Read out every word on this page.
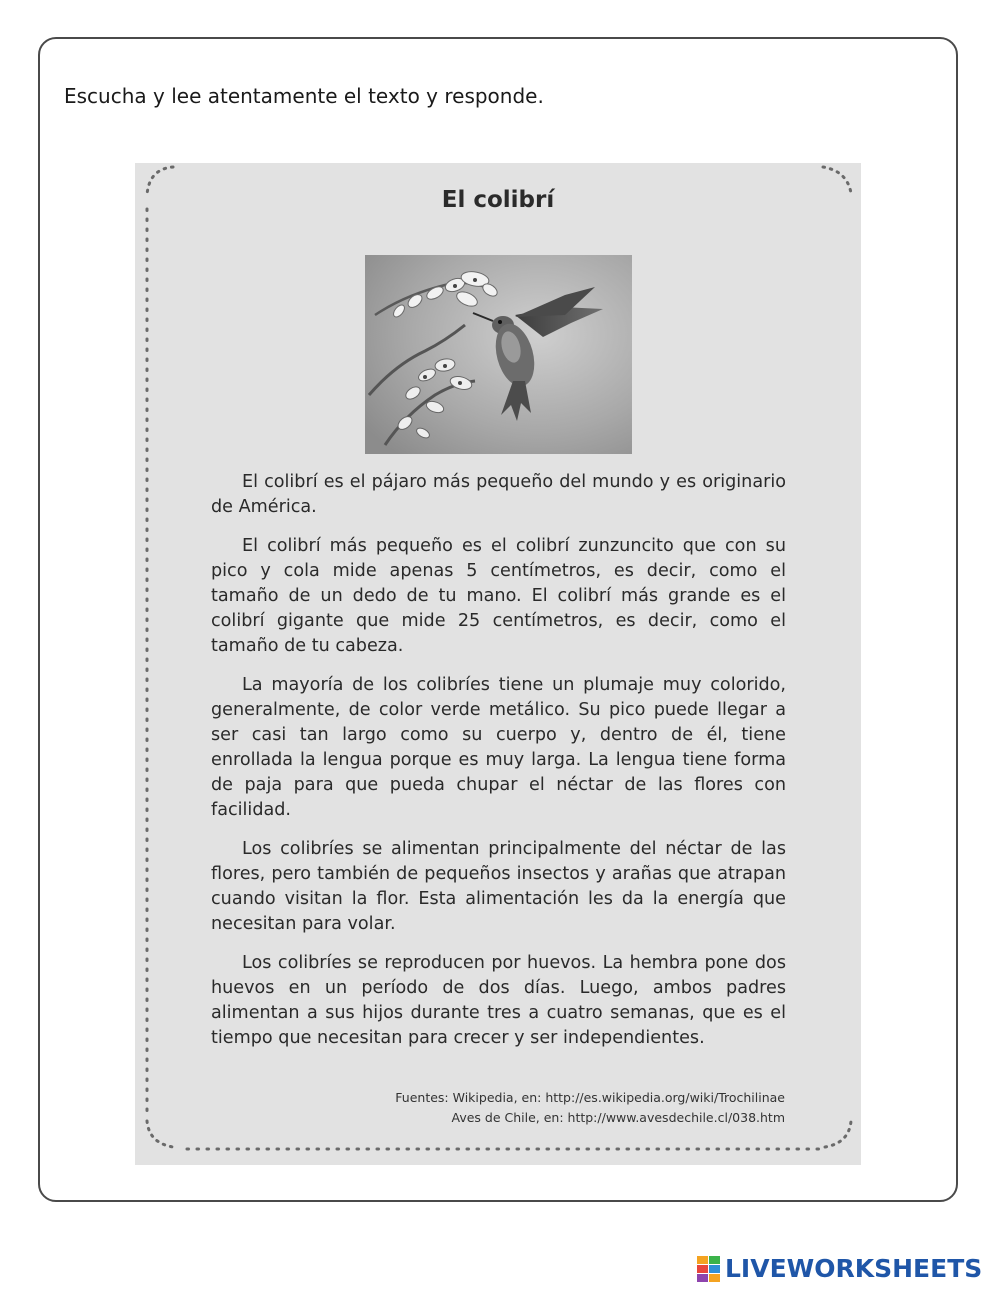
Escucha y lee atentamente el texto y responde.
El colibrí

El colibrí es el pájaro más pequeño del mundo y es originario de América.

El colibrí más pequeño es el colibrí zunzuncito que con su pico y cola mide apenas 5 centímetros, es decir, como el tamaño de un dedo de tu mano. El colibrí más grande es el colibrí gigante que mide 25 centímetros, es decir, como el tamaño de tu cabeza.

La mayoría de los colibríes tiene un plumaje muy colorido, generalmente, de color verde metálico. Su pico puede llegar a ser casi tan largo como su cuerpo y, dentro de él, tiene enrollada la lengua porque es muy larga. La lengua tiene forma de paja para que pueda chupar el néctar de las flores con facilidad.

Los colibríes se alimentan principalmente del néctar de las flores, pero también de pequeños insectos y arañas que atrapan cuando visitan la flor. Esta alimentación les da la energía que necesitan para volar.

Los colibríes se reproducen por huevos. La hembra pone dos huevos en un período de dos días. Luego, ambos padres alimentan a sus hijos durante tres a cuatro semanas, que es el tiempo que necesitan para crecer y ser independientes.

Fuentes: Wikipedia, en: http://es.wikipedia.org/wiki/Trochilinae
Aves de Chile, en: http://www.avesdechile.cl/038.htm
LIVEWORKSHEETS
